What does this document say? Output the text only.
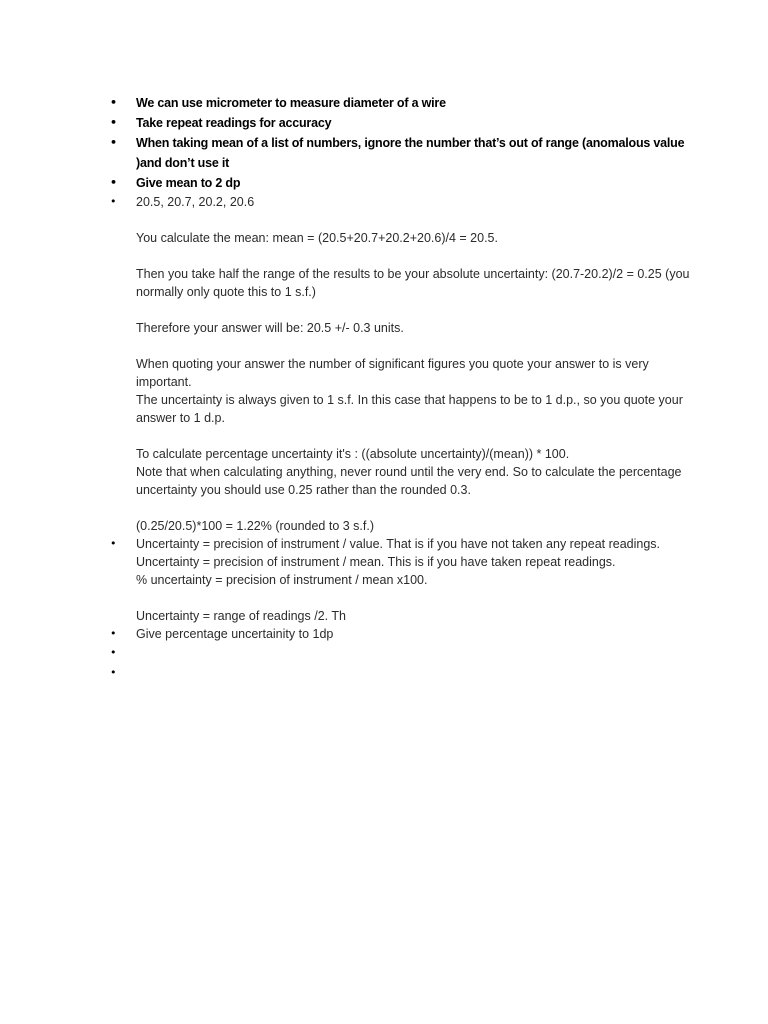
•	We can use micrometer to measure diameter of a wire
•	Take repeat readings for accuracy
•	When taking mean of a list of numbers, ignore the number that’s out of range (anomalous value )and don’t use it
•	Give mean to 2 dp
•	20.5, 20.7, 20.2, 20.6

You calculate the mean: mean = (20.5+20.7+20.2+20.6)/4 = 20.5.

Then you take half the range of the results to be your absolute uncertainty: (20.7-20.2)/2 = 0.25 (you normally only quote this to 1 s.f.)

Therefore your answer will be: 20.5 +/- 0.3 units.

When quoting your answer the number of significant figures you quote your answer to is very important.

The uncertainty is always given to 1 s.f. In this case that happens to be to 1 d.p., so you quote your answer to 1 d.p.

To calculate percentage uncertainty it's : ((absolute uncertainty)/(mean)) * 100.

Note that when calculating anything, never round until the very end. So to calculate the percentage uncertainty you should use 0.25 rather than the rounded 0.3.

(0.25/20.5)*100 = 1.22% (rounded to 3 s.f.)

•	Uncertainty = precision of instrument / value. That is if you have not taken any repeat readings.

Uncertainty = precision of instrument / mean. This is if you have taken repeat readings.

% uncertainty = precision of instrument / mean x100.

Uncertainty = range of readings /2. Th

•	Give percentage uncertainity to 1dp
•
•
